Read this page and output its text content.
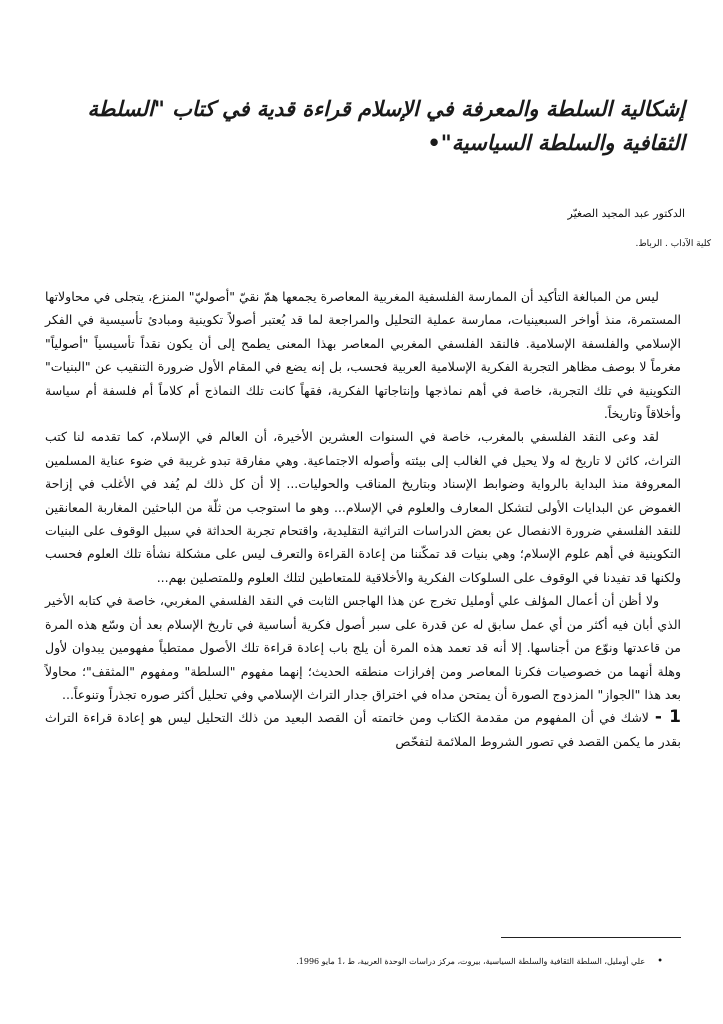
إشكالية السلطة والمعرفة في الإسلام قراءة قدية في كتاب "السلطة الثقافية والسلطة السياسية"•

الدكتور عبد المجيد الصغيّر

كلية الآداب . الرباط.

ليس من المبالغة التأكيد أن الممارسة الفلسفية المغربية المعاصرة يجمعها همّ نقيّ "أصوليّ" المنزع، يتجلى في محاولاتها المستمرة، منذ أواخر السبعينيات، ممارسة عملية التحليل والمراجعة لما قد يُعتبر أصولاً تكوينية ومبادئ تأسيسية في الفكر الإسلامي والفلسفة الإسلامية. فالنقد الفلسفي المغربي المعاصر بهذا المعنى يطمح إلى أن يكون نقداً تأسيسياً "أصولياً" مغرماً لا بوصف مظاهر التجربة الفكرية الإسلامية العربية فحسب، بل إنه يضع في المقام الأول ضرورة التنقيب عن "البنيات" التكوينية في تلك التجربة، خاصة في أهم نماذجها وإنتاجاتها الفكرية، فقهاً كانت تلك النماذج أم كلاماً أم فلسفة أم سياسة وأخلاقاً وتاريخاً.

لقد وعى النقد الفلسفي بالمغرب، خاصة في السنوات العشرين الأخيرة، أن العالم في الإسلام، كما تقدمه لنا كتب التراث، كائن لا تاريخ له ولا يحيل في الغالب إلى بيئته وأصوله الاجتماعية. وهي مفارقة تبدو غريبة في ضوء عناية المسلمين المعروفة منذ البداية بالرواية وضوابط الإسناد وبتاريخ المناقب والحوليات... إلا أن كل ذلك لم يُفد في الأغلب في إزاحة الغموض عن البدايات الأولى لتشكل المعارف والعلوم في الإسلام... وهو ما استوجب من ثلّة من الباحثين المغاربة المعانقين للنقد الفلسفي ضرورة الانفصال عن بعض الدراسات التراثية التقليدية، واقتحام تجربة الحداثة في سبيل الوقوف على البنيات التكوينية في أهم علوم الإسلام؛ وهي بنيات قد تمكّننا من إعادة القراءة والتعرف ليس على مشكلة نشأة تلك العلوم فحسب ولكنها قد تفيدنا في الوقوف على السلوكات الفكرية والأخلاقية للمتعاطين لتلك العلوم وللمتصلين بهم...

ولا أظن أن أعمال المؤلف علي أومليل تخرج عن هذا الهاجس الثابت في النقد الفلسفي المغربي، خاصة في كتابه الأخير الذي أبان فيه أكثر من أي عمل سابق له عن قدرة على سبر أصول فكرية أساسية في تاريخ الإسلام بعد أن وسّع هذه المرة من قاعدتها ونوّع من أجناسها. إلا أنه قد تعمد هذه المرة أن يلج باب إعادة قراءة تلك الأصول ممتطياً مفهومين يبدوان لأول وهلة أنهما من خصوصيات فكرنا المعاصر ومن إفرازات منطقه الحديث؛ إنهما مفهوم "السلطة" ومفهوم "المثقف"؛ محاولاً بعد هذا "الجواز" المزدوج الصورة أن يمتحن مداه في اختراق جدار التراث الإسلامي وفي تحليل أكثر صوره تجذراً وتنوعاً...

1 -لاشك في أن المفهوم من مقدمة الكتاب ومن خاتمته أن القصد البعيد من ذلك التحليل ليس هو إعادة قراءة التراث بقدر ما يكمن القصد في تصور الشروط الملائمة لتفحّص

•علي أومليل، السلطة الثقافية والسلطة السياسية، بيروت، مركز دراسات الوحدة العربية، ط ،1 مايو 1996.
